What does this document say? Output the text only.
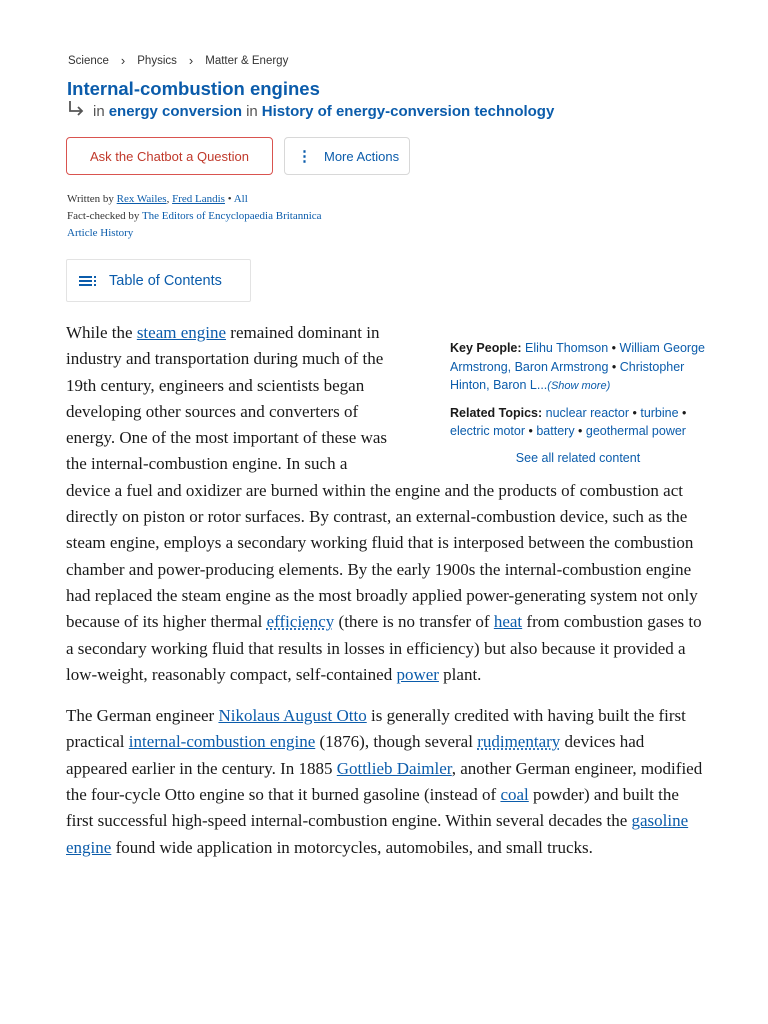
Science › Physics › Matter & Energy
Internal-combustion engines
in energy conversion in History of energy-conversion technology
Ask the Chatbot a Question	⋮ More Actions
Written by Rex Wailes, Fred Landis • All
Fact-checked by The Editors of Encyclopaedia Britannica
Article History
Table of Contents
Key People: Elihu Thomson • William George Armstrong, Baron Armstrong • Christopher Hinton, Baron L...(Show more)
Related Topics: nuclear reactor • turbine • electric motor • battery • geothermal power
See all related content

While the steam engine remained dominant in industry and transportation during much of the 19th century, engineers and scientists began developing other sources and converters of energy. One of the most important of these was the internal-combustion engine. In such a device a fuel and oxidizer are burned within the engine and the products of combustion act directly on piston or rotor surfaces. By contrast, an external-combustion device, such as the steam engine, employs a secondary working fluid that is interposed between the combustion chamber and power-producing elements. By the early 1900s the internal-combustion engine had replaced the steam engine as the most broadly applied power-generating system not only because of its higher thermal efficiency (there is no transfer of heat from combustion gases to a secondary working fluid that results in losses in efficiency) but also because it provided a low-weight, reasonably compact, self-contained power plant.

The German engineer Nikolaus August Otto is generally credited with having built the first practical internal-combustion engine (1876), though several rudimentary devices had appeared earlier in the century. In 1885 Gottlieb Daimler, another German engineer, modified the four-cycle Otto engine so that it burned gasoline (instead of coal powder) and built the first successful high-speed internal-combustion engine. Within several decades the gasoline engine found wide application in motorcycles, automobiles, and small trucks.
